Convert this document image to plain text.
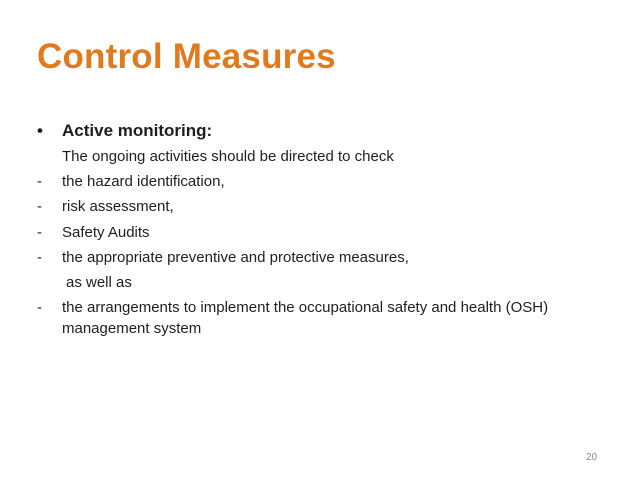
Control Measures
•	Active monitoring:
The ongoing activities should be directed to check
-	the hazard identification,
-	risk assessment,
-	Safety Audits
-	the appropriate preventive and protective measures,
as well as
-	the arrangements to implement the occupational safety and health (OSH) management system
20
